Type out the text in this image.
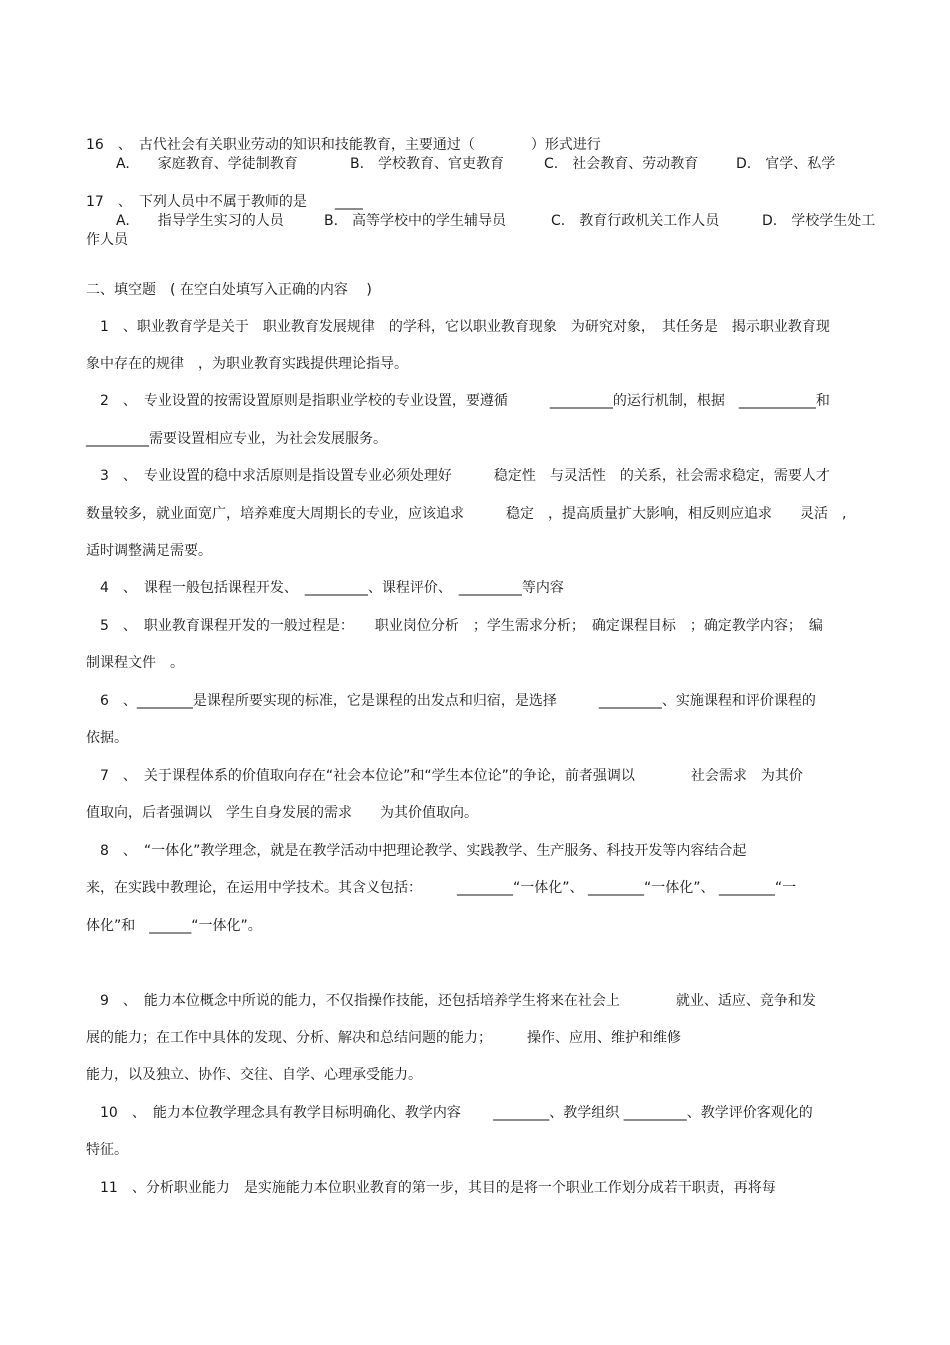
16　、　古代社会有关职业劳动的知识和技能教育，主要通过（　　　　）形式进行
A.　　家庭教育、学徒制教育	B.　学校教育、官吏教育	C.　社会教育、劳动教育	D.　官学、私学
17　、　下列人员中不属于教师的是　　____
A.　　指导学生实习的人员	B.　高等学校中的学生辅导员	C.　教育行政机关工作人员	D.　学校学生处工
作人员
二、填空题　( 在空白处填写入正确的内容　 )
　1　、职业教育学是关于　职业教育发展规律　的学科，它以职业教育现象　为研究对象，　其任务是　揭示职业教育现
象中存在的规律　，为职业教育实践提供理论指导。
　2　、　专业设置的按需设置原则是指职业学校的专业设置，要遵循　　　_________的运行机制，根据　___________和
_________需要设置相应专业，为社会发展服务。
　3　、　专业设置的稳中求活原则是指设置专业必须处理好　　　稳定性　与灵活性　的关系，社会需求稳定，需要人才
数量较多，就业面宽广，培养难度大周期长的专业，应该追求　　　稳定　，提高质量扩大影响，相反则应追求　　灵活　,
适时调整满足需要。
　4　、　课程一般包括课程开发、　_________、课程评价、　_________等内容
　5　、　职业教育课程开发的一般过程是：　　职业岗位分析　；学生需求分析；　确定课程目标　；确定教学内容；　编
制课程文件　。
　6　、________是课程所要实现的标准，它是课程的出发点和归宿，是选择　　　_________、实施课程和评价课程的
依据。
　7　、　关于课程体系的价值取向存在“社会本位论”和“学生本位论”的争论，前者强调以　　　　社会需求　为其价
值取向，后者强调以　学生自身发展的需求　　为其价值取向。
　8　、　“一体化”教学理念，就是在教学活动中把理论教学、实践教学、生产服务、科技开发等内容结合起
来，在实践中教理论，在运用中学技术。其含义包括：　　　________“一体化”、 ________“一体化”、 ________“一
体化”和　______“一体化”。
　9　、　能力本位概念中所说的能力，不仅指操作技能，还包括培养学生将来在社会上　　　　就业、适应、竞争和发
展的能力；在工作中具体的发现、分析、解决和总结问题的能力；　　　操作、应用、维护和维修
能力，以及独立、协作、交往、自学、心理承受能力。
　10　、　能力本位教学理念具有教学目标明确化、教学内容　　 ________、教学组织 _________、教学评价客观化的
特征。
　11　、分析职业能力　是实施能力本位职业教育的第一步，其目的是将一个职业工作划分成若干职责，再将每
